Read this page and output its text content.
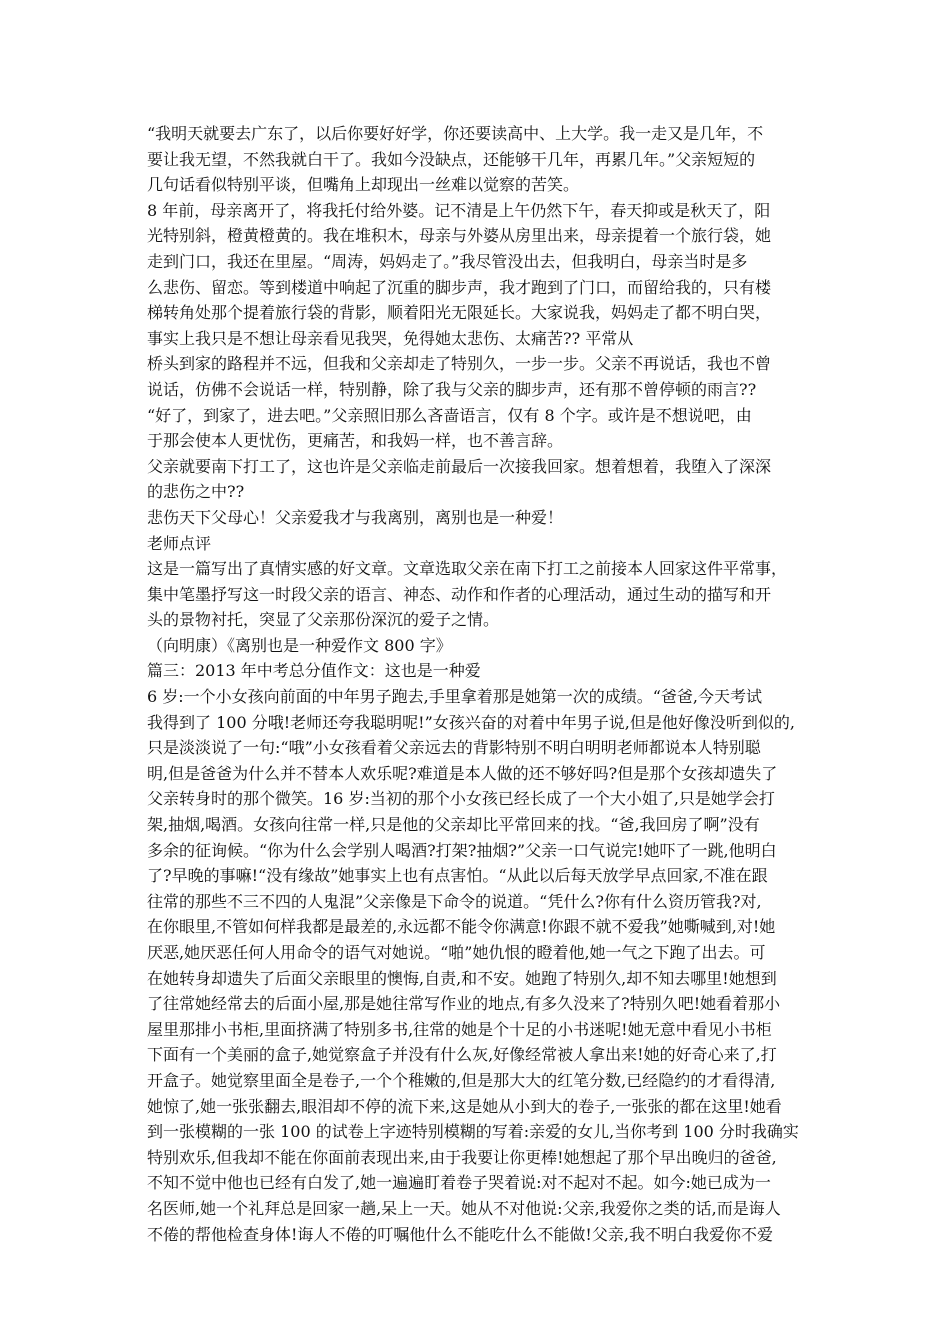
“我明天就要去广东了，以后你要好好学，你还要读高中、上大学。我一走又是几年，不
要让我无望，不然我就白干了。我如今没缺点，还能够干几年，再累几年。”父亲短短的
几句话看似特别平谈，但嘴角上却现出一丝难以觉察的苦笑。
8 年前，母亲离开了，将我托付给外婆。记不清是上午仍然下午，春天抑或是秋天了，阳
光特别斜，橙黄橙黄的。我在堆积木，母亲与外婆从房里出来，母亲提着一个旅行袋，她
走到门口，我还在里屋。“周涛，妈妈走了。”我尽管没出去，但我明白，母亲当时是多
么悲伤、留恋。等到楼道中响起了沉重的脚步声，我才跑到了门口，而留给我的，只有楼
梯转角处那个提着旅行袋的背影，顺着阳光无限延长。大家说我，妈妈走了都不明白哭，
事实上我只是不想让母亲看见我哭，免得她太悲伤、太痛苦?? 平常从
桥头到家的路程并不远，但我和父亲却走了特别久，一步一步。父亲不再说话，我也不曾
说话，仿佛不会说话一样，特别静，除了我与父亲的脚步声，还有那不曾停顿的雨言??
“好了，到家了，进去吧。”父亲照旧那么吝啬语言，仅有 8 个字。或许是不想说吧，由
于那会使本人更忧伤，更痛苦，和我妈一样，也不善言辞。
父亲就要南下打工了，这也许是父亲临走前最后一次接我回家。想着想着，我堕入了深深
的悲伤之中??
悲伤天下父母心！父亲爱我才与我离别，离别也是一种爱！
老师点评
这是一篇写出了真情实感的好文章。文章选取父亲在南下打工之前接本人回家这件平常事，
集中笔墨抒写这一时段父亲的语言、神态、动作和作者的心理活动，通过生动的描写和开
头的景物衬托，突显了父亲那份深沉的爱子之情。
（向明康）《离别也是一种爱作文 800 字》
篇三：2013 年中考总分值作文：这也是一种爱
6 岁:一个小女孩向前面的中年男子跑去,手里拿着那是她第一次的成绩。“爸爸,今天考试
我得到了 100 分哦!老师还夸我聪明呢!”女孩兴奋的对着中年男子说,但是他好像没听到似的,
只是淡淡说了一句:“哦”小女孩看着父亲远去的背影特别不明白明明老师都说本人特别聪
明,但是爸爸为什么并不替本人欢乐呢?难道是本人做的还不够好吗?但是那个女孩却遗失了
父亲转身时的那个微笑。16 岁:当初的那个小女孩已经长成了一个大小姐了,只是她学会打
架,抽烟,喝酒。女孩向往常一样,只是他的父亲却比平常回来的找。“爸,我回房了啊”没有
多余的征询候。“你为什么会学别人喝酒?打架?抽烟?”父亲一口气说完!她吓了一跳,他明白
了?早晚的事嘛!“没有缘故”她事实上也有点害怕。“从此以后每天放学早点回家,不准在跟
往常的那些不三不四的人鬼混”父亲像是下命令的说道。“凭什么?你有什么资历管我?对,
在你眼里,不管如何样我都是最差的,永远都不能令你满意!你跟不就不爱我”她嘶喊到,对!她
厌恶,她厌恶任何人用命令的语气对她说。“啪”她仇恨的瞪着他,她一气之下跑了出去。可
在她转身却遗失了后面父亲眼里的懊悔,自责,和不安。她跑了特别久,却不知去哪里!她想到
了往常她经常去的后面小屋,那是她往常写作业的地点,有多久没来了?特别久吧!她看着那小
屋里那排小书柜,里面挤满了特别多书,往常的她是个十足的小书迷呢!她无意中看见小书柜
下面有一个美丽的盒子,她觉察盒子并没有什么灰,好像经常被人拿出来!她的好奇心来了,打
开盒子。她觉察里面全是卷子,一个个稚嫩的,但是那大大的红笔分数,已经隐约的才看得清,
她惊了,她一张张翻去,眼泪却不停的流下来,这是她从小到大的卷子,一张张的都在这里!她看
到一张模糊的一张 100 的试卷上字迹特别模糊的写着:亲爱的女儿,当你考到 100 分时我确实
特别欢乐,但我却不能在你面前表现出来,由于我要让你更棒!她想起了那个早出晚归的爸爸,
不知不觉中他也已经有白发了,她一遍遍盯着卷子哭着说:对不起对不起。如今:她已成为一
名医师,她一个礼拜总是回家一趟,呆上一天。她从不对他说:父亲,我爱你之类的话,而是诲人
不倦的帮他检查身体!诲人不倦的叮嘱他什么不能吃什么不能做!父亲,我不明白我爱你不爱
